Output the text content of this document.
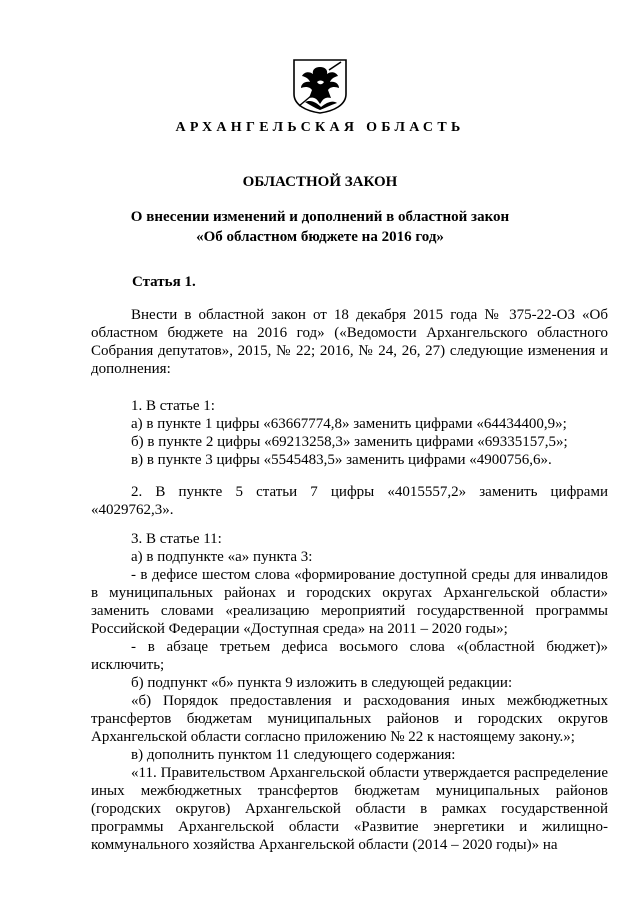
АРХАНГЕЛЬСКАЯ ОБЛАСТЬ
ОБЛАСТНОЙ ЗАКОН
О внесении изменений и дополнений в областной закон
«Об областном бюджете на 2016 год»
Статья 1.
Внести в областной закон от 18 декабря 2015 года № 375-22-ОЗ «Об областном бюджете на 2016 год» («Ведомости Архангельского областного Собрания депутатов», 2015, № 22; 2016, № 24, 26, 27) следующие изменения и дополнения:
1. В статье 1:
а) в пункте 1 цифры «63667774,8» заменить цифрами «64434400,9»;
б) в пункте 2 цифры «69213258,3» заменить цифрами «69335157,5»;
в) в пункте 3 цифры «5545483,5» заменить цифрами «4900756,6».
2. В пункте 5 статьи 7 цифры «4015557,2» заменить цифрами «4029762,3».
3. В статье 11:
а) в подпункте «а» пункта 3:
- в дефисе шестом слова «формирование доступной среды для инвалидов в муниципальных районах и городских округах Архангельской области» заменить словами «реализацию мероприятий государственной программы Российской Федерации «Доступная среда» на 2011 – 2020 годы»;
- в абзаце третьем дефиса восьмого слова «(областной бюджет)» исключить;
б) подпункт «б» пункта 9 изложить в следующей редакции:
«б) Порядок предоставления и расходования иных межбюджетных трансфертов бюджетам муниципальных районов и городских округов Архангельской области согласно приложению № 22 к настоящему закону.»;
в) дополнить пунктом 11 следующего содержания:
«11. Правительством Архангельской области утверждается распределение иных межбюджетных трансфертов бюджетам муниципальных районов (городских округов) Архангельской области в рамках государственной программы Архангельской области «Развитие энергетики и жилищно-коммунального хозяйства Архангельской области (2014 – 2020 годы)» на
